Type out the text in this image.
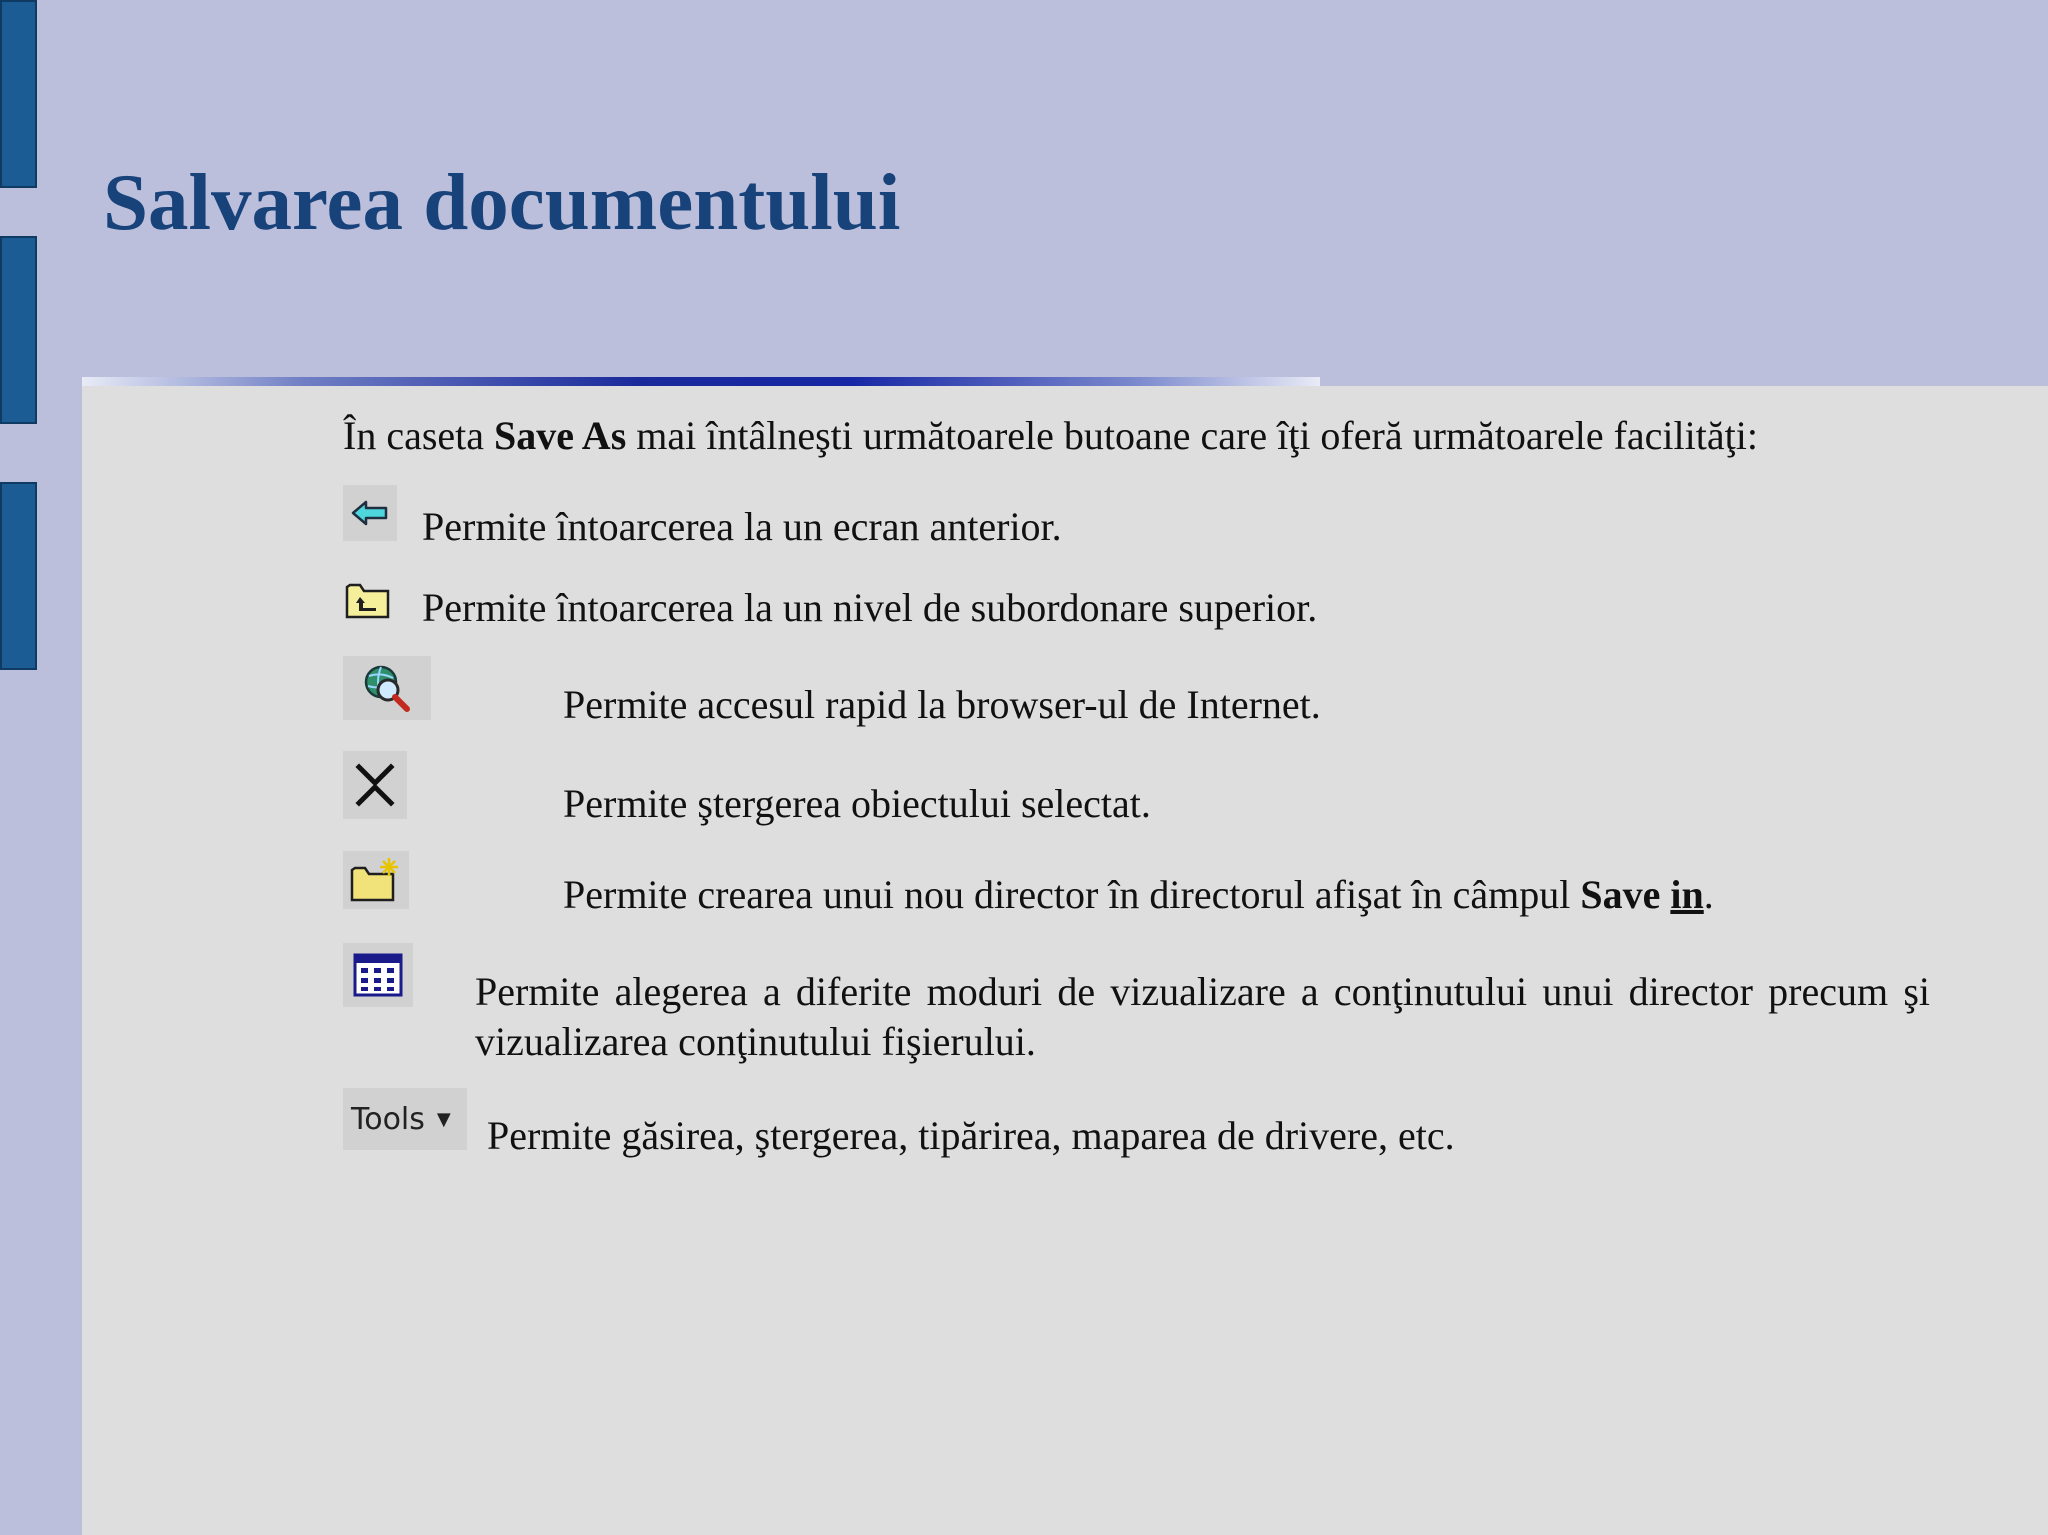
Salvarea documentului
În caseta Save As mai întâlneşti următoarele butoane care îţi oferă următoarele facilităţi:
Permite întoarcerea la un ecran anterior.
Permite întoarcerea la un nivel de subordonare superior.
Permite accesul rapid la browser-ul de Internet.
Permite ştergerea obiectului selectat.
Permite crearea unui nou director în directorul afişat în câmpul Save in.
Permite alegerea a diferite moduri de vizualizare a conţinutului unui director precum şi vizualizarea conţinutului fişierului.
Tools ▼ Permite găsirea, ştergerea, tipărirea, maparea de drivere, etc.
